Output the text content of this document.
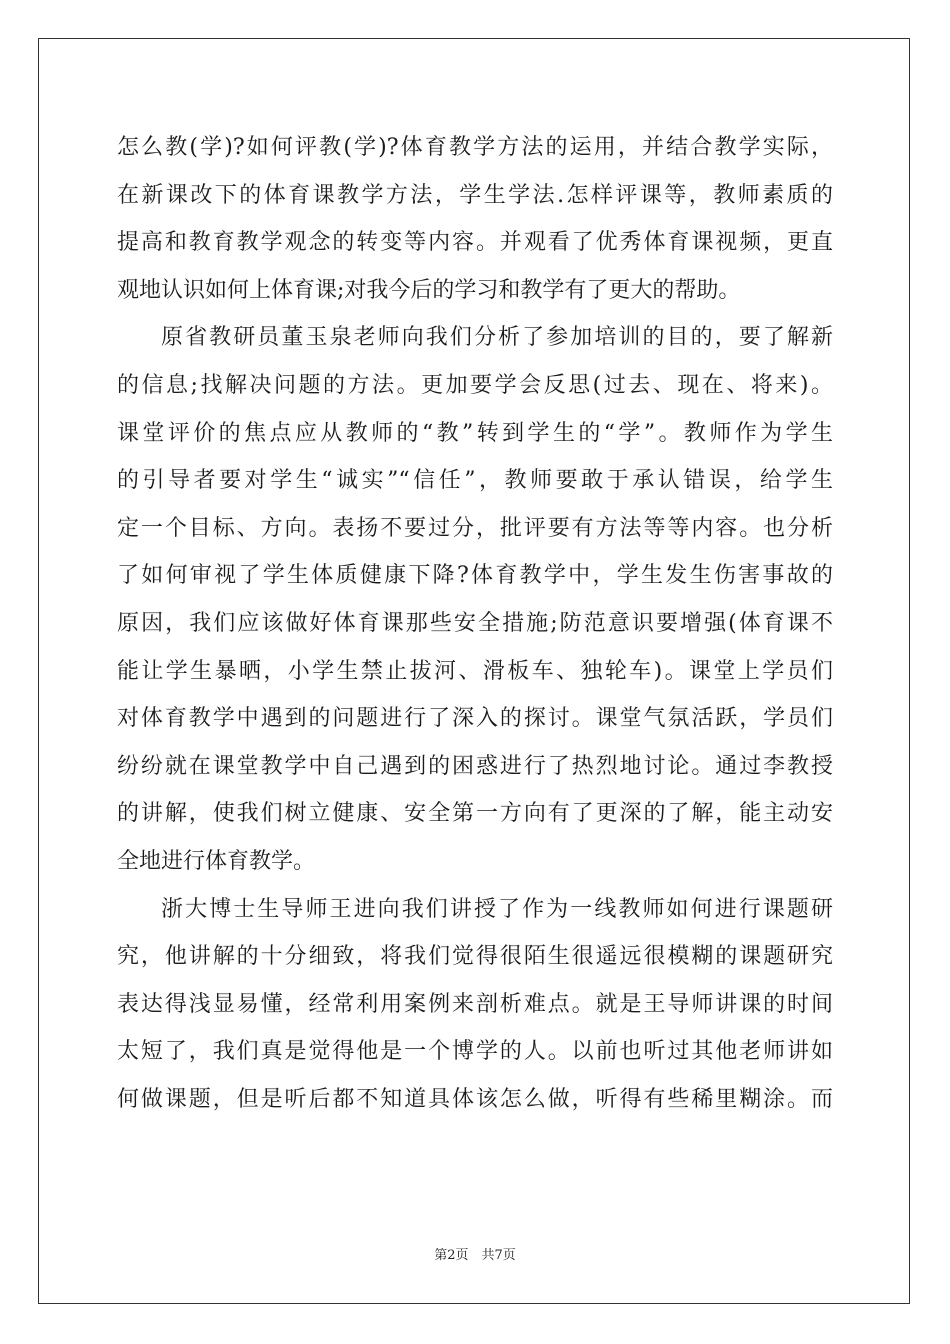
怎么教(学)?如何评教(学)?体育教学方法的运用，并结合教学实际，
在新课改下的体育课教学方法，学生学法.怎样评课等，教师素质的
提高和教育教学观念的转变等内容。并观看了优秀体育课视频，更直
观地认识如何上体育课;对我今后的学习和教学有了更大的帮助。
原省教研员董玉泉老师向我们分析了参加培训的目的，要了解新
的信息;找解决问题的方法。更加要学会反思(过去、现在、将来)。
课堂评价的焦点应从教师的“教”转到学生的“学”。教师作为学生
的引导者要对学生“诚实”“信任”，教师要敢于承认错误，给学生
定一个目标、方向。表扬不要过分，批评要有方法等等内容。也分析
了如何审视了学生体质健康下降?体育教学中，学生发生伤害事故的
原因，我们应该做好体育课那些安全措施;防范意识要增强(体育课不
能让学生暴晒，小学生禁止拔河、滑板车、独轮车)。课堂上学员们
对体育教学中遇到的问题进行了深入的探讨。课堂气氛活跃，学员们
纷纷就在课堂教学中自己遇到的困惑进行了热烈地讨论。通过李教授
的讲解，使我们树立健康、安全第一方向有了更深的了解，能主动安
全地进行体育教学。
浙大博士生导师王进向我们讲授了作为一线教师如何进行课题研
究，他讲解的十分细致，将我们觉得很陌生很遥远很模糊的课题研究
表达得浅显易懂，经常利用案例来剖析难点。就是王导师讲课的时间
太短了，我们真是觉得他是一个博学的人。以前也听过其他老师讲如
何做课题，但是听后都不知道具体该怎么做，听得有些稀里糊涂。而
第2页　共7页
